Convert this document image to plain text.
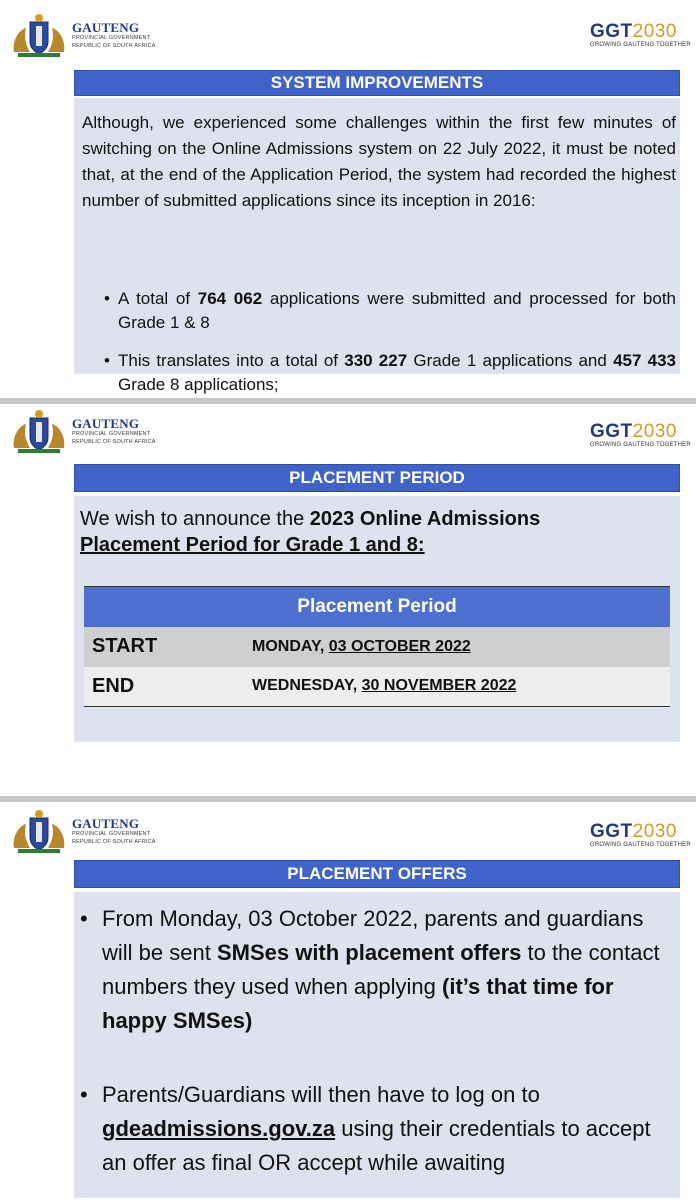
GAUTENG
PROVINCIAL GOVERNMENT
REPUBLIC OF SOUTH AFRICA
GGT2030
GROWING GAUTENG TOGETHER
SYSTEM IMPROVEMENTS

Although, we experienced some challenges within the first few minutes of switching on the Online Admissions system on 22 July 2022, it must be noted that, at the end of the Application Period, the system had recorded the highest number of submitted applications since its inception in 2016:

• A total of 764 062 applications were submitted and processed for both Grade 1 & 8
• This translates into a total of 330 227 Grade 1 applications and 457 433 Grade 8 applications;
GAUTENG
PROVINCIAL GOVERNMENT
REPUBLIC OF SOUTH AFRICA	GGT2030
GROWING GAUTENG TOGETHER
PLACEMENT PERIOD

We wish to announce the 2023 Online Admissions
Placement Period for Grade 1 and 8:

Placement Period	
START	MONDAY, 03 OCTOBER 2022
END	WEDNESDAY, 30 NOVEMBER 2022
GAUTENG
PROVINCIAL GOVERNMENT
REPUBLIC OF SOUTH AFRICA	GGT2030
GROWING GAUTENG TOGETHER
PLACEMENT OFFERS
• From Monday, 03 October 2022, parents and guardians will be sent SMSes with placement offers to the contact numbers they used when applying (it’s that time for happy SMSes)
• Parents/Guardians will then have to log on to gdeadmissions.gov.za using their credentials to accept an offer as final OR accept while awaiting
